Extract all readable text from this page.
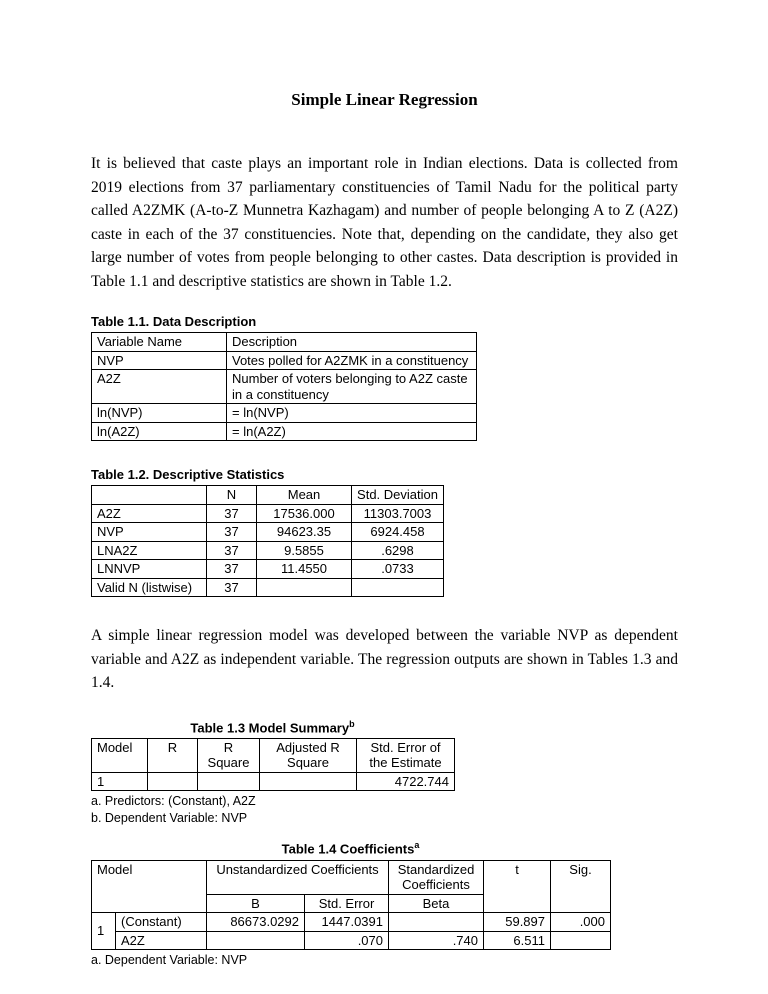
Simple Linear Regression
It is believed that caste plays an important role in Indian elections. Data is collected from 2019 elections from 37 parliamentary constituencies of Tamil Nadu for the political party called A2ZMK (A-to-Z Munnetra Kazhagam) and number of people belonging A to Z (A2Z) caste in each of the 37 constituencies. Note that, depending on the candidate, they also get large number of votes from people belonging to other castes. Data description is provided in Table 1.1 and descriptive statistics are shown in Table 1.2.
Table 1.1. Data Description
Variable Name	Description
NVP	Votes polled for A2ZMK in a constituency
A2Z	Number of voters belonging to A2Z caste in a constituency
ln(NVP)	= ln(NVP)
ln(A2Z)	= ln(A2Z)
Table 1.2. Descriptive Statistics
	N	Mean	Std. Deviation
A2Z	37	17536.000	11303.7003
NVP	37	94623.35	6924.458
LNA2Z	37	9.5855	.6298
LNNVP	37	11.4550	.0733
Valid N (listwise)	37		
A simple linear regression model was developed between the variable NVP as dependent variable and A2Z as independent variable. The regression outputs are shown in Tables 1.3 and 1.4.
Table 1.3 Model Summary$^b$
Model	R	R Square	Adjusted R Square	Std. Error of the Estimate
1				4722.744
a. Predictors: (Constant), A2Z
b. Dependent Variable: NVP
Table 1.4 Coefficients$^a$
Model		Unstandardized Coefficients		Standardized Coefficients	t	Sig.
		B	Std. Error	Beta		
1	(Constant)	86673.0292	1447.0391		59.897	.000
	A2Z		.070	.740	6.511	
a. Dependent Variable: NVP
